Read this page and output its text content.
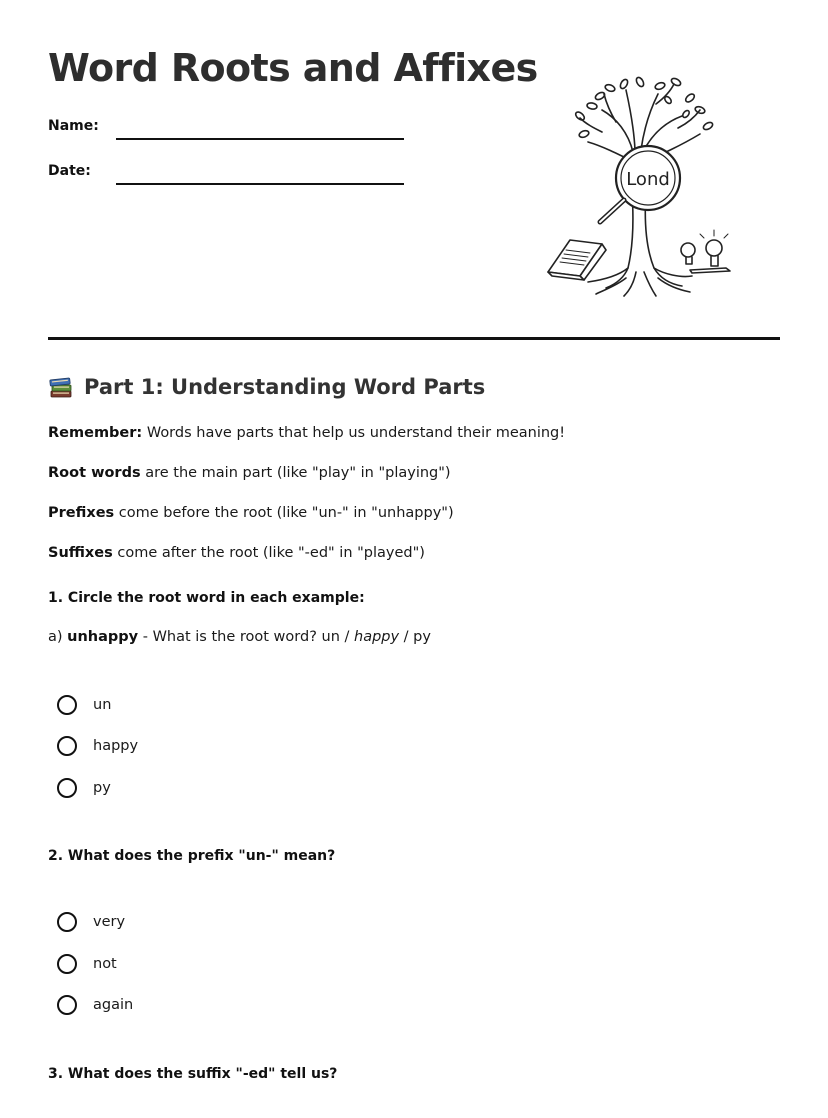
Word Roots and Affixes
Name:
Date:	Lond
Part 1: Understanding Word Parts
Remember: Words have parts that help us understand their meaning!
Root words are the main part (like "play" in "playing")
Prefixes come before the root (like "un-" in "unhappy")
Suffixes come after the root (like "-ed" in "played")
1. Circle the root word in each example:
a) unhappy - What is the root word? un / happy / py
un
happy
py
2. What does the prefix "un-" mean?
very
not
again
3. What does the suffix "-ed" tell us?
